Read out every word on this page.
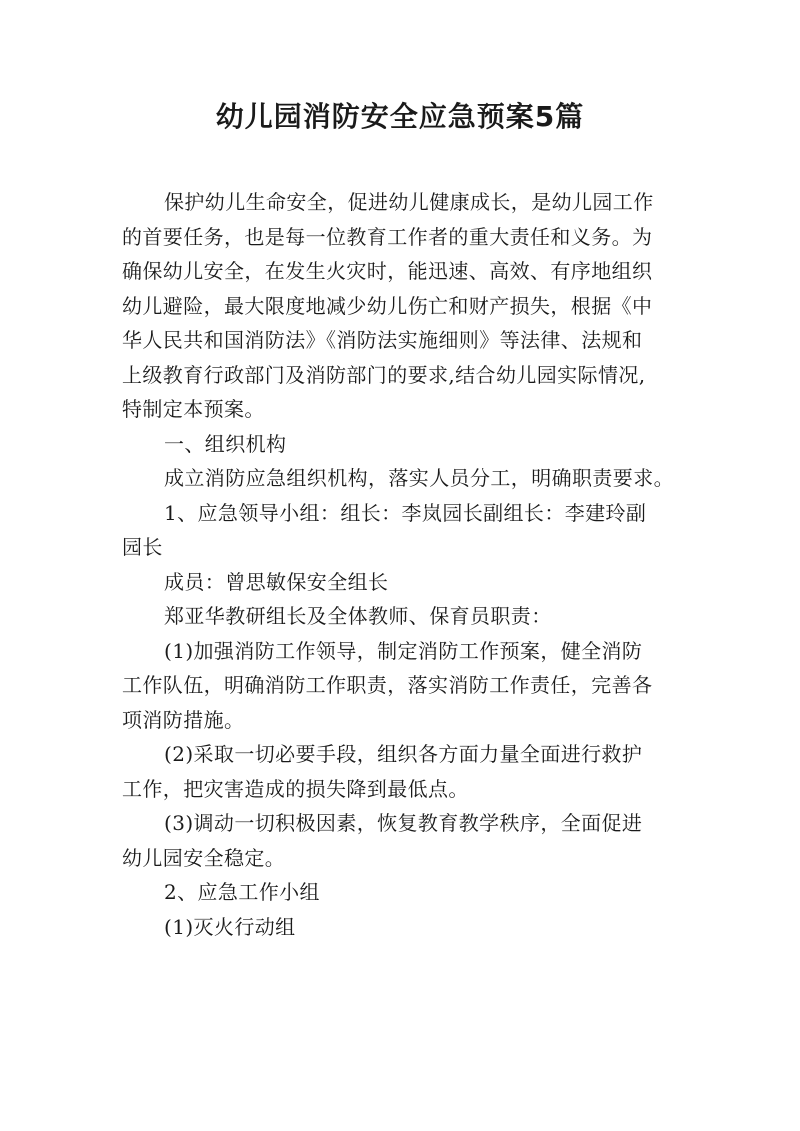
幼儿园消防安全应急预案5篇

保护幼儿生命安全，促进幼儿健康成长，是幼儿园工作
的首要任务，也是每一位教育工作者的重大责任和义务。为
确保幼儿安全，在发生火灾时，能迅速、高效、有序地组织
幼儿避险，最大限度地减少幼儿伤亡和财产损失，根据《中
华人民共和国消防法》《消防法实施细则》等法律、法规和
上级教育行政部门及消防部门的要求,结合幼儿园实际情况,
特制定本预案。

一、组织机构

成立消防应急组织机构，落实人员分工，明确职责要求。

1、应急领导小组：组长：李岚园长副组长：李建玲副
园长

成员：曾思敏保安全组长

郑亚华教研组长及全体教师、保育员职责：

(1)加强消防工作领导，制定消防工作预案，健全消防
工作队伍，明确消防工作职责，落实消防工作责任，完善各
项消防措施。

(2)采取一切必要手段，组织各方面力量全面进行救护
工作，把灾害造成的损失降到最低点。

(3)调动一切积极因素，恢复教育教学秩序，全面促进
幼儿园安全稳定。

2、应急工作小组

(1)灭火行动组
